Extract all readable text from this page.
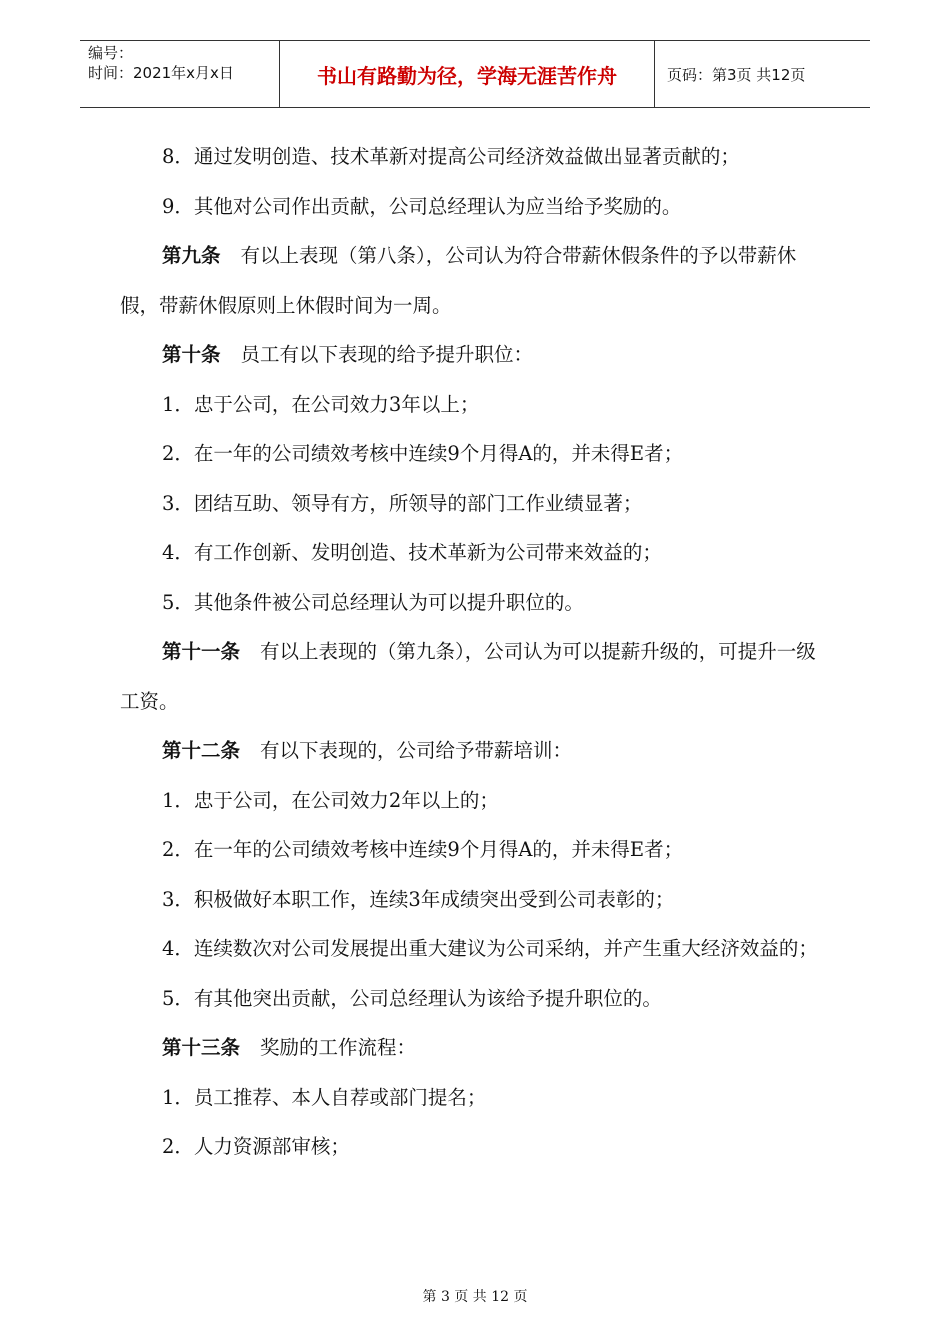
编号：
时间：2021年x月x日	书山有路勤为径，学海无涯苦作舟	页码：第3页 共12页

8．通过发明创造、技术革新对提高公司经济效益做出显著贡献的；

9．其他对公司作出贡献，公司总经理认为应当给予奖励的。

第九条 有以上表现（第八条），公司认为符合带薪休假条件的予以带薪休假，带薪休假原则上休假时间为一周。

第十条 员工有以下表现的给予提升职位：

1．忠于公司，在公司效力3年以上；

2．在一年的公司绩效考核中连续9个月得A的，并未得E者；

3．团结互助、领导有方，所领导的部门工作业绩显著；

4．有工作创新、发明创造、技术革新为公司带来效益的；

5．其他条件被公司总经理认为可以提升职位的。

第十一条 有以上表现的（第九条），公司认为可以提薪升级的，可提升一级工资。

第十二条 有以下表现的，公司给予带薪培训：

1．忠于公司，在公司效力2年以上的；

2．在一年的公司绩效考核中连续9个月得A的，并未得E者；

3．积极做好本职工作，连续3年成绩突出受到公司表彰的；

4．连续数次对公司发展提出重大建议为公司采纳，并产生重大经济效益的；

5．有其他突出贡献，公司总经理认为该给予提升职位的。

第十三条 奖励的工作流程：

1．员工推荐、本人自荐或部门提名；

2．人力资源部审核；

第 3 页 共 12 页
